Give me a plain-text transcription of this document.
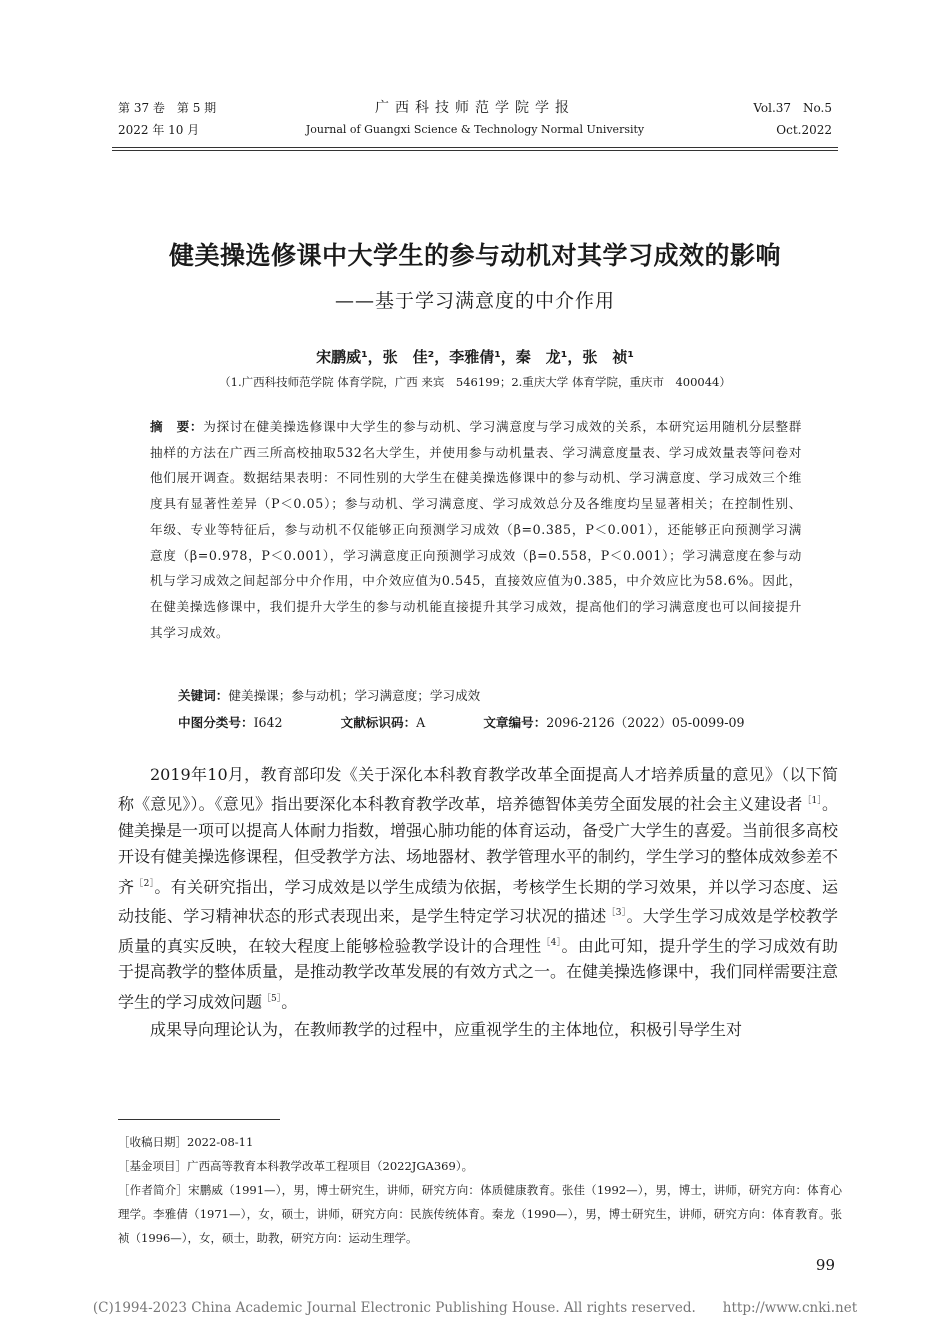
第 37 卷　第 5 期
2022 年 10 月
广西科技师范学院学报
Journal of Guangxi Science & Technology Normal University
Vol.37　No.5
Oct.2022
健美操选修课中大学生的参与动机对其学习成效的影响
——基于学习满意度的中介作用
宋鹏威¹，张　佳²，李雅倩¹，秦　龙¹，张　祯¹
（1.广西科技师范学院 体育学院，广西 来宾　546199；2.重庆大学 体育学院，重庆市　400044）
摘　要：为探讨在健美操选修课中大学生的参与动机、学习满意度与学习成效的关系，本研究运用随机分层整群抽样的方法在广西三所高校抽取532名大学生，并使用参与动机量表、学习满意度量表、学习成效量表等问卷对他们展开调查。数据结果表明：不同性别的大学生在健美操选修课中的参与动机、学习满意度、学习成效三个维度具有显著性差异（P＜0.05）；参与动机、学习满意度、学习成效总分及各维度均呈显著相关；在控制性别、年级、专业等特征后，参与动机不仅能够正向预测学习成效（β=0.385，P＜0.001），还能够正向预测学习满意度（β=0.978，P＜0.001），学习满意度正向预测学习成效（β=0.558，P＜0.001）；学习满意度在参与动机与学习成效之间起部分中介作用，中介效应值为0.545，直接效应值为0.385，中介效应比为58.6%。因此，在健美操选修课中，我们提升大学生的参与动机能直接提升其学习成效，提高他们的学习满意度也可以间接提升其学习成效。
关键词：健美操课；参与动机；学习满意度；学习成效
中图分类号：I642	文献标识码：A	文章编号：2096-2126（2022）05-0099-09

2019年10月，教育部印发《关于深化本科教育教学改革全面提高人才培养质量的意见》（以下简称《意见》）。《意见》指出要深化本科教育教学改革，培养德智体美劳全面发展的社会主义建设者$^{[1]}$。健美操是一项可以提高人体耐力指数，增强心肺功能的体育运动，备受广大学生的喜爱。当前很多高校开设有健美操选修课程，但受教学方法、场地器材、教学管理水平的制约，学生学习的整体成效参差不齐$^{[2]}$。有关研究指出，学习成效是以学生成绩为依据，考核学生长期的学习效果，并以学习态度、运动技能、学习精神状态的形式表现出来，是学生特定学习状况的描述$^{[3]}$。大学生学习成效是学校教学质量的真实反映，在较大程度上能够检验教学设计的合理性$^{[4]}$。由此可知，提升学生的学习成效有助于提高教学的整体质量，是推动教学改革发展的有效方式之一。在健美操选修课中，我们同样需要注意学生的学习成效问题$^{[5]}$。

成果导向理论认为，在教师教学的过程中，应重视学生的主体地位，积极引导学生对

［收稿日期］2022-08-11
［基金项目］广西高等教育本科教学改革工程项目（2022JGA369）。
［作者简介］宋鹏威（1991—），男，博士研究生，讲师，研究方向：体质健康教育。张佳（1992—），男，博士，讲师，研究方向：体育心理学。李雅倩（1971—），女，硕士，讲师，研究方向：民族传统体育。秦龙（1990—），男，博士研究生，讲师，研究方向：体育教育。张祯（1996—），女，硕士，助教，研究方向：运动生理学。
99
(C)1994-2023 China Academic Journal Electronic Publishing House. All rights reserved.　　http://www.cnki.net
